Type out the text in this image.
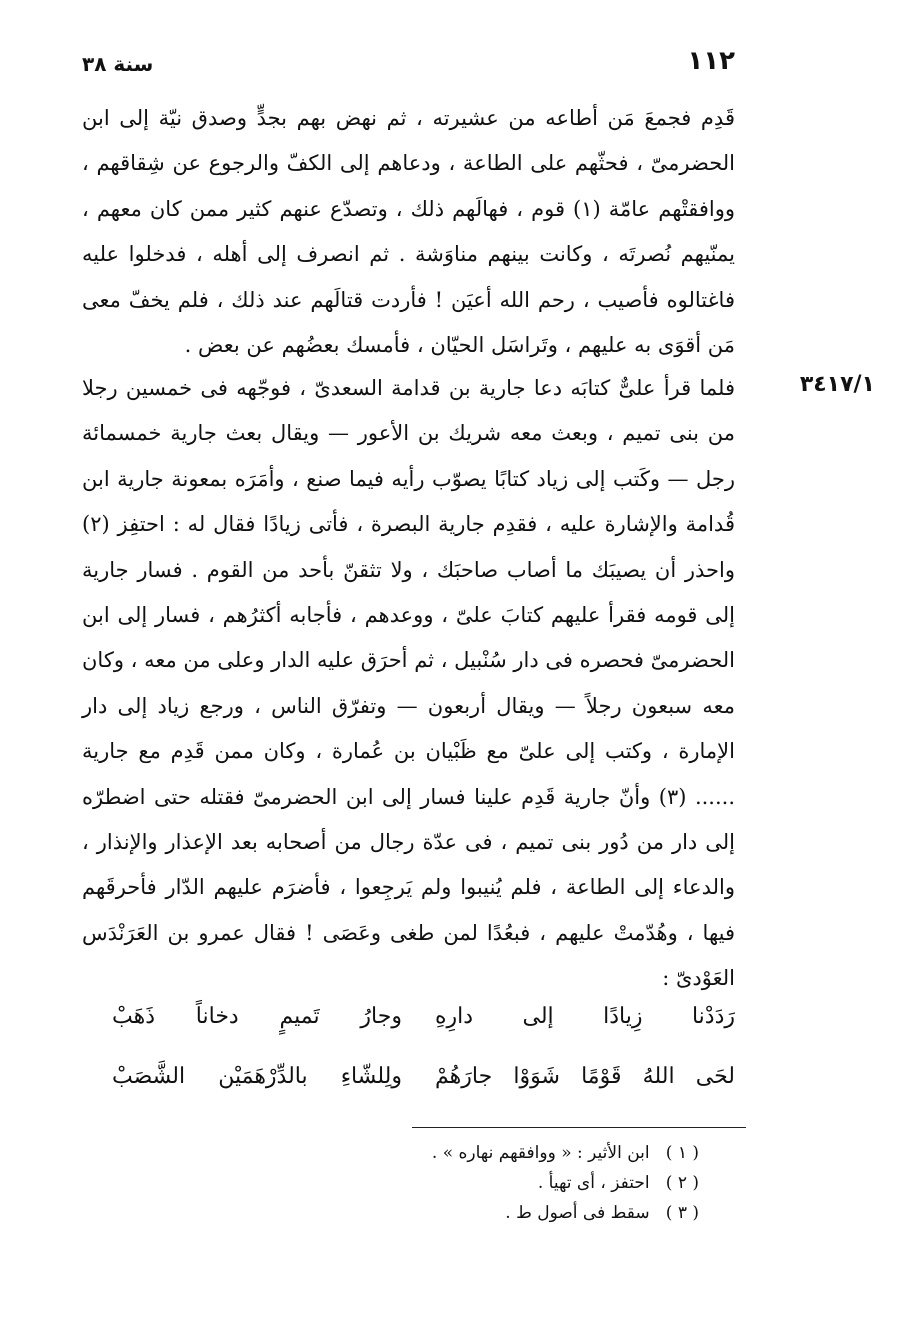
١١٢
سنة ٣٨

قَدِم فجمعَ مَن أطاعه من عشيرته ، ثم نهض بهم بجدٍّ وصدق نيّة إلى ابن الحضرمىّ ، فحثّهم على الطاعة ، ودعاهم إلى الكفّ والرجوع عن شِقاقهم ، ووافقتْهم عامّة (١) قوم ، فهالَهم ذلك ، وتصدّع عنهم كثير ممن كان معهم ، يمنّيهم نُصرتَه ، وكانت بينهم مناوَشة . ثم انصرف إلى أهله ، فدخلوا عليه فاغتالوه فأصيب ، رحم الله أعيَن ! فأردت قتالَهم عند ذلك ، فلم يخفّ معى مَن أقوَى به عليهم ، وتَراسَل الحيّان ، فأمسك بعضُهم عن بعض .

٣٤١٧/١

فلما قرأ علىٌّ كتابَه دعا جارية بن قدامة السعدىّ ، فوجّهه فى خمسين رجلا من بنى تميم ، وبعث معه شريك بن الأعور — ويقال بعث جارية خمسمائة رجل — وكَتب إلى زياد كتابًا يصوّب رأيه فيما صنع ، وأمَرَه بمعونة جارية ابن قُدامة والإشارة عليه ، فقدِم جارية البصرة ، فأتى زيادًا فقال له : احتفِز (٢) واحذر أن يصيبَك ما أصاب صاحبَك ، ولا تثقنّ بأحد من القوم . فسار جارية إلى قومه فقرأ عليهم كتابَ علىّ ، ووعدهم ، فأجابه أكثرُهم ، فسار إلى ابن الحضرمىّ فحصره فى دار سُنْبيل ، ثم أحرَق عليه الدار وعلى من معه ، وكان معه سبعون رجلاً — ويقال أربعون — وتفرّق الناس ، ورجع زياد إلى دار الإمارة ، وكتب إلى علىّ مع ظَبْيان بن عُمارة ، وكان ممن قَدِم مع جارية ...... (٣) وأنّ جارية قَدِم علينا فسار إلى ابن الحضرمىّ فقتله حتى اضطرّه إلى دار من دُور بنى تميم ، فى عدّة رجال من أصحابه بعد الإعذار والإنذار ، والدعاء إلى الطاعة ، فلم يُنيبوا ولم يَرجِعوا ، فأضرَم عليهم الدّار فأحرقَهم فيها ، وهُدّمتْ عليهم ، فبعُدًا لمن طغى وعَصَى ! فقال عمرو بن العَرَنْدَس العَوْدىّ :

رَدَدْنا زِيادًا إلى دارِهِ
وجارُ تَميمٍ دخاناً ذَهَبْ
لحَى اللهُ قَوْمًا شَوَوْا جارَهُمْ
ولِلشّاءِ بالدِّرْهَمَيْن الشَّصَبْ
( ١ ) ابن الأثير : « ووافقهم نهاره » .
( ٢ ) احتفز ، أى تهيأ .
( ٣ ) سقط فى أصول ط .
